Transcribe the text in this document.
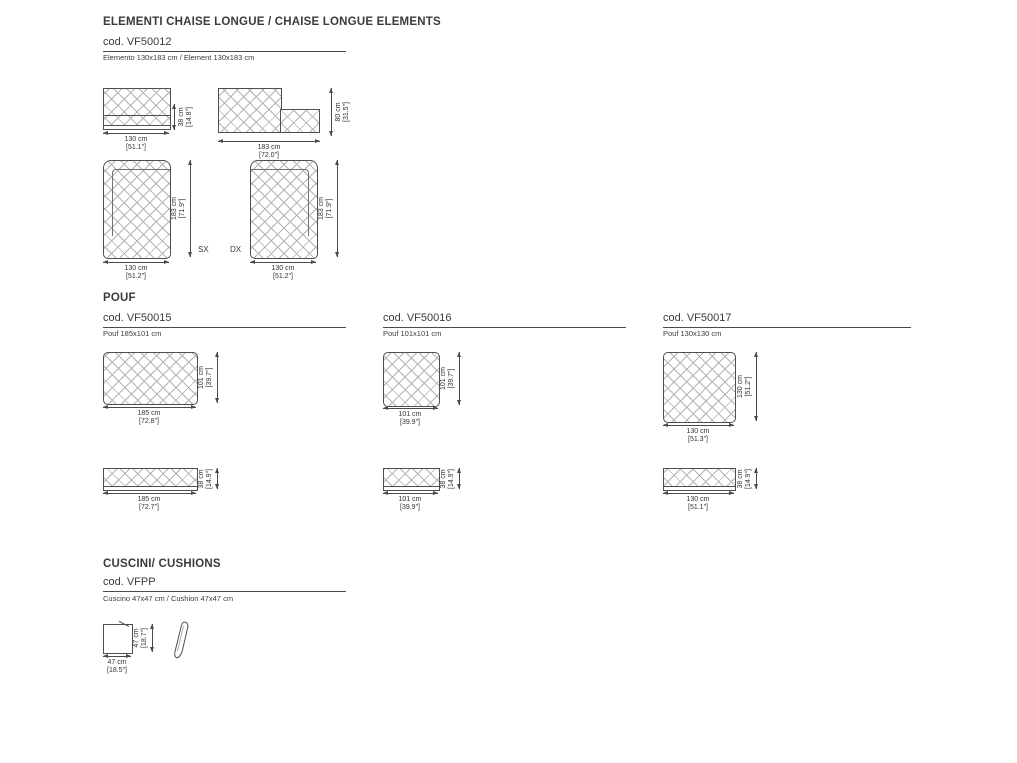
ELEMENTI CHAISE LONGUE / CHAISE LONGUE ELEMENTS
cod. VF50012
Elemento 130x183 cm / Element 130x183 cm
130 cm
[51.1"]
38 cm [14.8"]
183 cm
[72.0"]
80 cm [31.5"]
130 cm
[51.2"]
183 cm [71.9"]
SX
130 cm
[51.2"]
183 cm [71.9"]
DX
POUF
cod. VF50015
Pouf 185x101 cm
185 cm
[72.8"]
101 cm [39.7"]
185 cm
[72.7"]
38 cm [14.9"]
cod. VF50016
Pouf 101x101 cm
101 cm
[39.9"]
101 cm [39.7"]
101 cm
[39.9"]
38 cm [14.9"]
cod. VF50017
Pouf 130x130 cm
130 cm
[51.3"]
130 cm [51.2"]
130 cm
[51.1"]
38 cm [14.9"]
CUSCINI/ CUSHIONS
cod. VFPP
Cuscino 47x47 cm / Cushion 47x47 cm
47 cm
[18.5"]
47 cm [18.7"]
